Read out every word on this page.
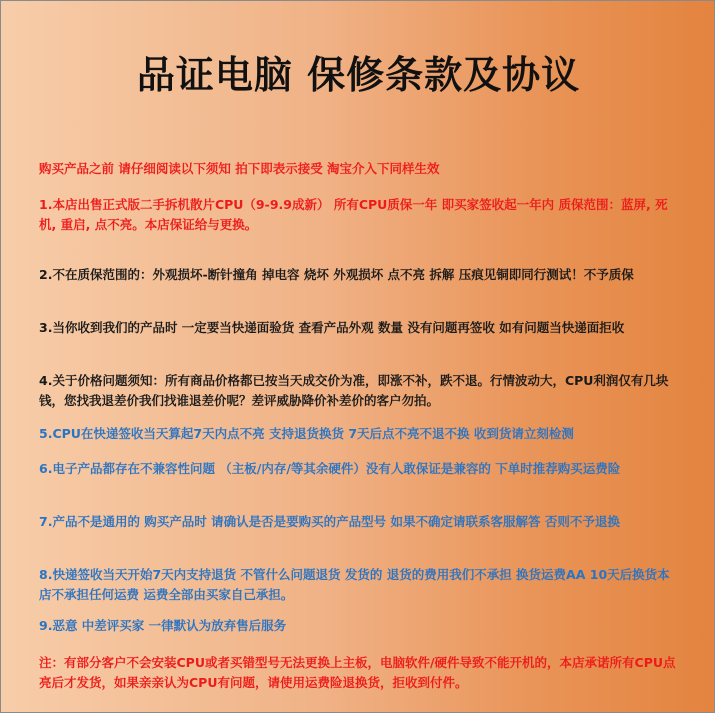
品证电脑 保修条款及协议

购买产品之前 请仔细阅读以下须知 拍下即表示接受 淘宝介入下同样生效

1.本店出售正式版二手拆机散片CPU（9-9.9成新） 所有CPU质保一年 即买家签收起一年内 质保范围：蓝屏, 死机, 重启, 点不亮。本店保证给与更换。

2.不在质保范围的：外观损坏-断针撞角 掉电容 烧坏 外观损坏 点不亮 拆解 压痕见铜即同行测试！不予质保

3.当你收到我们的产品时 一定要当快递面验货 查看产品外观 数量 没有问题再签收 如有问题当快递面拒收

4.关于价格问题须知：所有商品价格都已按当天成交价为准，即涨不补，跌不退。行情波动大，CPU利润仅有几块钱，您找我退差价我们找谁退差价呢？差评威胁降价补差价的客户勿拍。

5.CPU在快递签收当天算起7天内点不亮 支持退货换货 7天后点不亮不退不换 收到货请立刻检测

6.电子产品都存在不兼容性问题 （主板/内存/等其余硬件）没有人敢保证是兼容的 下单时推荐购买运费险

7.产品不是通用的 购买产品时 请确认是否是要购买的产品型号 如果不确定请联系客服解答 否则不予退换

8.快递签收当天开始7天内支持退货 不管什么问题退货 发货的 退货的费用我们不承担 换货运费AA 10天后换货本店不承担任何运费 运费全部由买家自己承担。

9.恶意 中差评买家 一律默认为放弃售后服务

注：有部分客户不会安装CPU或者买错型号无法更换上主板，电脑软件/硬件导致不能开机的，本店承诺所有CPU点亮后才发货，如果亲亲认为CPU有问题，请使用运费险退换货，拒收到付件。
